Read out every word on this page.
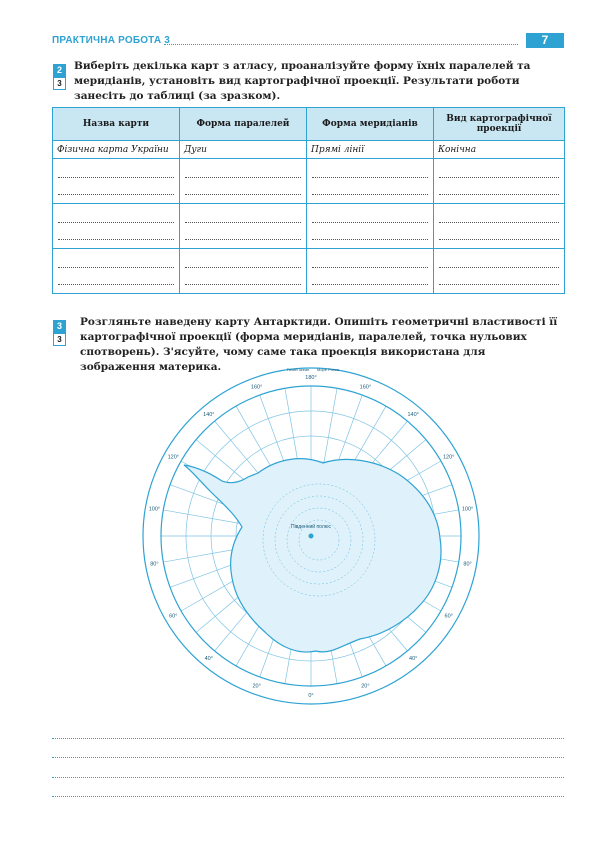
ПРАКТИЧНА РОБОТА 3	7
2
3
Виберіть декілька карт з атласу, проаналізуйте форму їхніх паралелей та меридіанів, установіть вид картографічної проекції. Результати роботи занесіть до таблиці (за зразком).
Назва карти	Форма паралелей	Форма меридіанів	Вид картографічної проекції
Фізична карта України	Дуги	Прямі лінії	Конічна

3
3
Розгляньте наведену карту Антарктиди. Опишіть геометричні властивості її картографічної проекції (форма меридіанів, паралелей, точка нульових спотворень). З'ясуйте, чому саме така проекція використана для зображення материка.
0°
20°
40°
60°
80°
100°
120°
140°
160°
180°
160°
140°
120°
100°
80°
60°
40°
20°
Південний полюс
Тихий океан Море Росса
